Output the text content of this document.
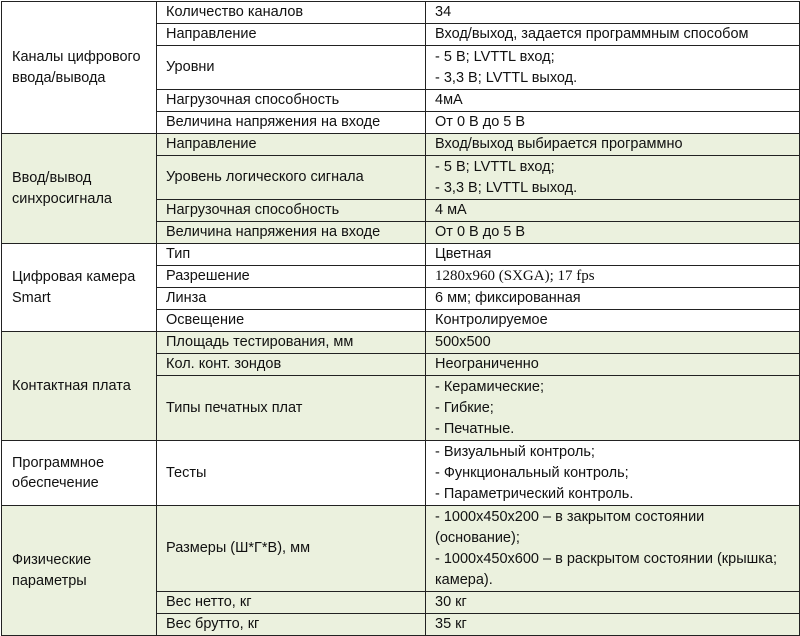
Каналы цифрового ввода/вывода	Количество каналов	34

	Направление	Вход/выход, задается программным способом

	Уровни	- 5 В; LVTTL вход;
- 3,3 В; LVTTL выход.

	Нагрузочная способность	4мА

	Величина напряжения на входе	От 0 В до 5 В

Ввод/вывод синхросигнала	Направление	Вход/выход выбирается программно

	Уровень логического сигнала	- 5 В; LVTTL вход;
- 3,3 В; LVTTL выход.

	Нагрузочная способность	4 мА

	Величина напряжения на входе	От 0 В до 5 В

Цифровая камера Smart	Тип	Цветная

	Разрешение	1280x960 (SXGA); 17 fps

	Линза	6 мм; фиксированная

	Освещение	Контролируемое

Контактная плата	Площадь тестирования, мм	500x500

	Кол. конт. зондов	Неограниченно

	Типы печатных плат	- Керамические;
- Гибкие;
- Печатные.

Программное обеспечение	Тесты	- Визуальный контроль;
- Функциональный контроль;
- Параметрический контроль.

Физические параметры	Размеры (Ш*Г*В), мм	- 1000x450x200 – в закрытом состоянии
(основание);
- 1000x450x600 – в раскрытом состоянии (крышка;
камера).

	Вес нетто, кг	30 кг

	Вес брутто, кг	35 кг
